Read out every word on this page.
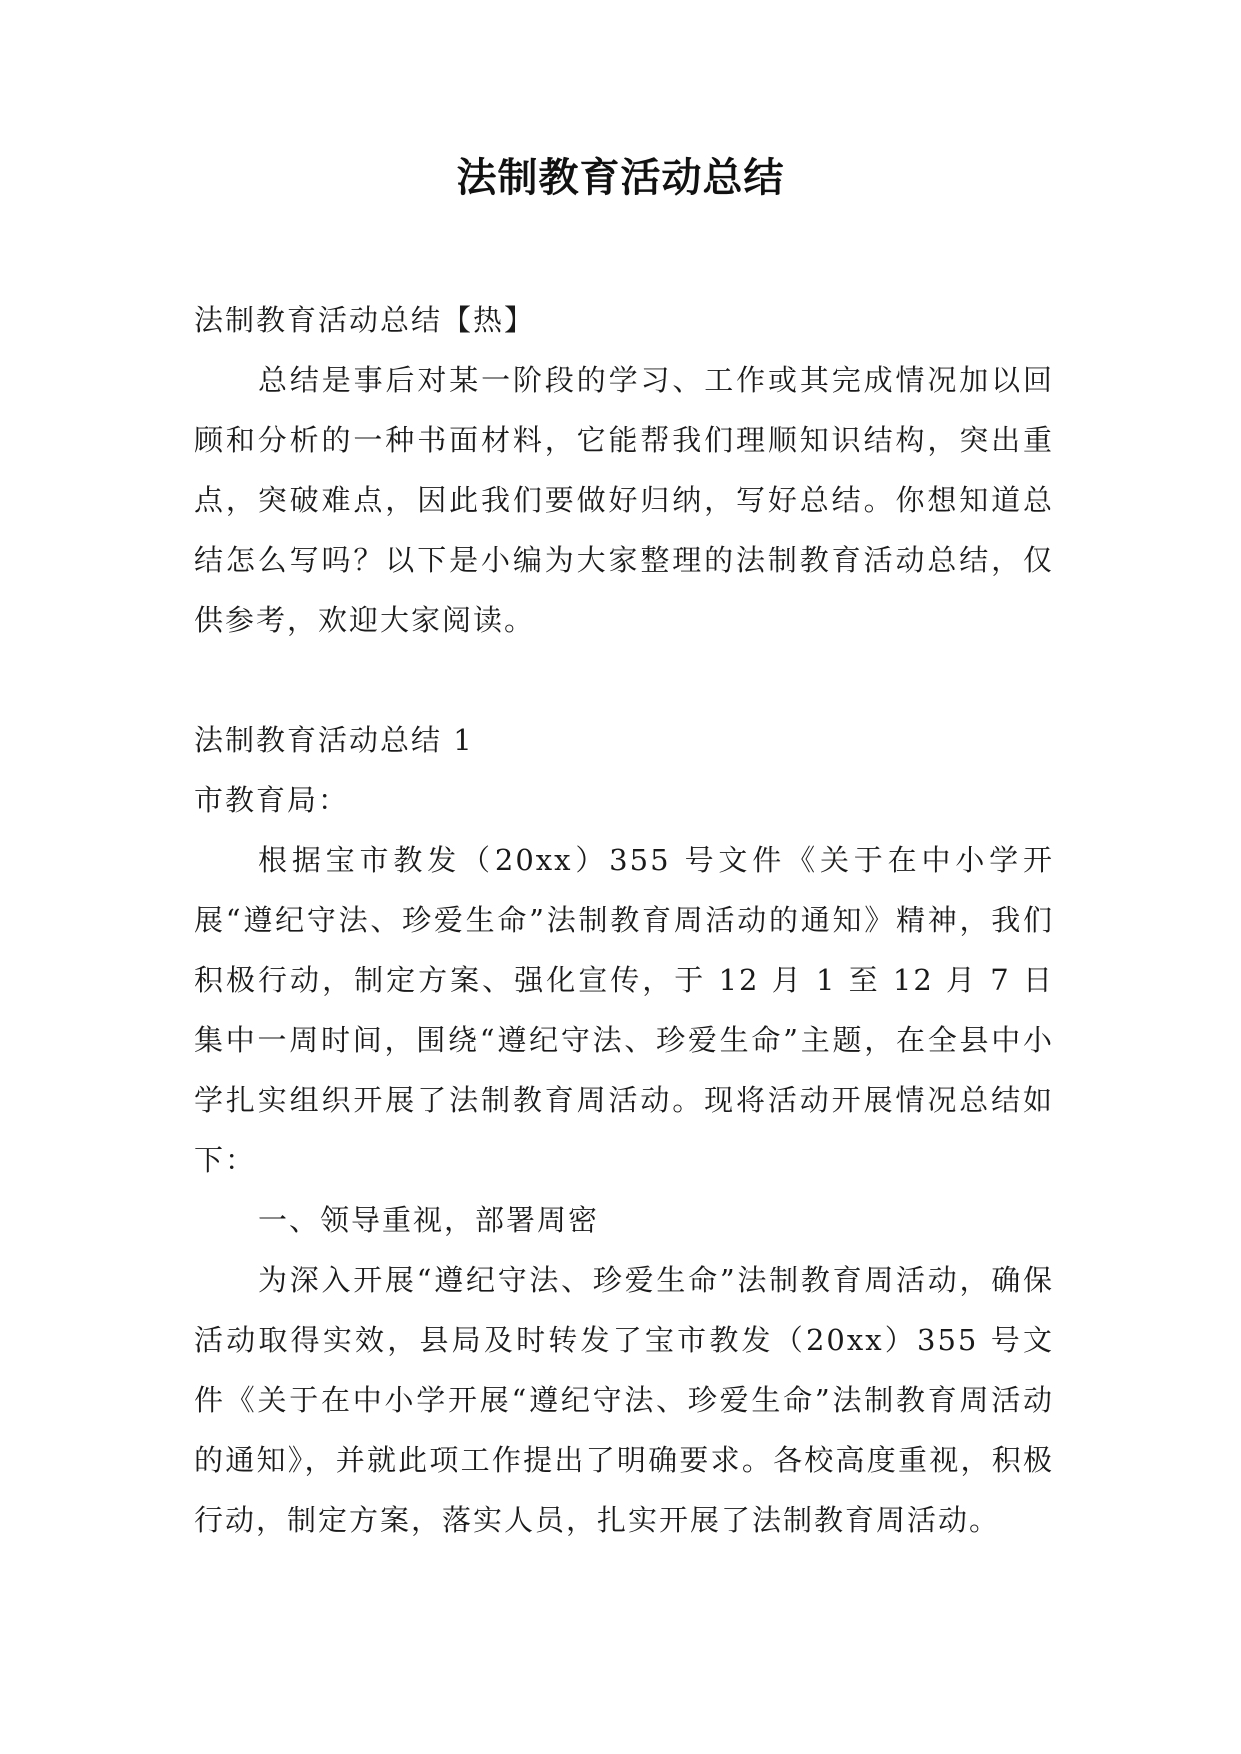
法制教育活动总结

法制教育活动总结【热】

总结是事后对某一阶段的学习、工作或其完成情况加以回顾和分析的一种书面材料，它能帮我们理顺知识结构，突出重点，突破难点，因此我们要做好归纳，写好总结。你想知道总结怎么写吗？以下是小编为大家整理的法制教育活动总结，仅供参考，欢迎大家阅读。

法制教育活动总结 1

市教育局：

根据宝市教发（20xx）355 号文件《关于在中小学开展“遵纪守法、珍爱生命”法制教育周活动的通知》精神，我们积极行动，制定方案、强化宣传，于 12 月 1 至 12 月 7 日集中一周时间，围绕“遵纪守法、珍爱生命”主题，在全县中小学扎实组织开展了法制教育周活动。现将活动开展情况总结如下：

一、领导重视，部署周密

为深入开展“遵纪守法、珍爱生命”法制教育周活动，确保活动取得实效，县局及时转发了宝市教发（20xx）355 号文件《关于在中小学开展“遵纪守法、珍爱生命”法制教育周活动的通知》，并就此项工作提出了明确要求。各校高度重视，积极行动，制定方案，落实人员，扎实开展了法制教育周活动。
